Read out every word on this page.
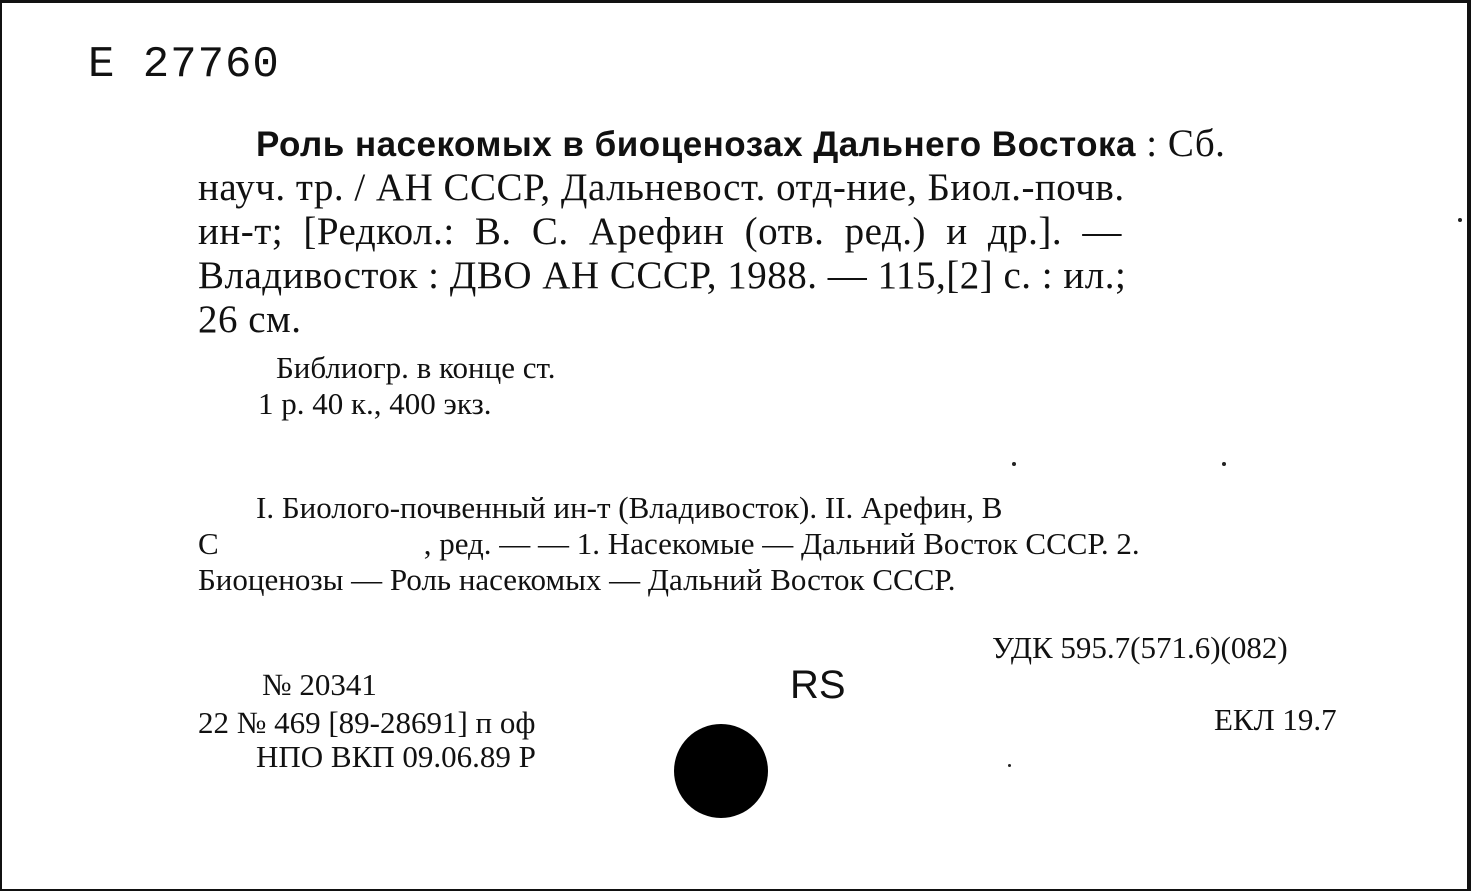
Е 27760
Роль насекомых в биоценозах Дальнего Востока : Сб.
науч. тр. / АН СССР, Дальневост. отд-ние, Биол.-почв.
ин-т; [Редкол.: В. С. Арефин (отв. ред.) и др.]. —
Владивосток : ДВО АН СССР, 1988. — 115,[2] с. : ил.;
26 см.
Библиогр. в конце ст.
1 р. 40 к., 400 экз.
I. Биолого-почвенный ин-т (Владивосток). II. Арефин, В
С	, ред. — — 1. Насекомые — Дальний Восток СССР. 2.
Биоценозы — Роль насекомых — Дальний Восток СССР.
УДК 595.7(571.6)(082)
RS
ЕКЛ 19.7
№ 20341
22 № 469 [89-28691] п оф
НПО ВКП 09.06.89 Р
